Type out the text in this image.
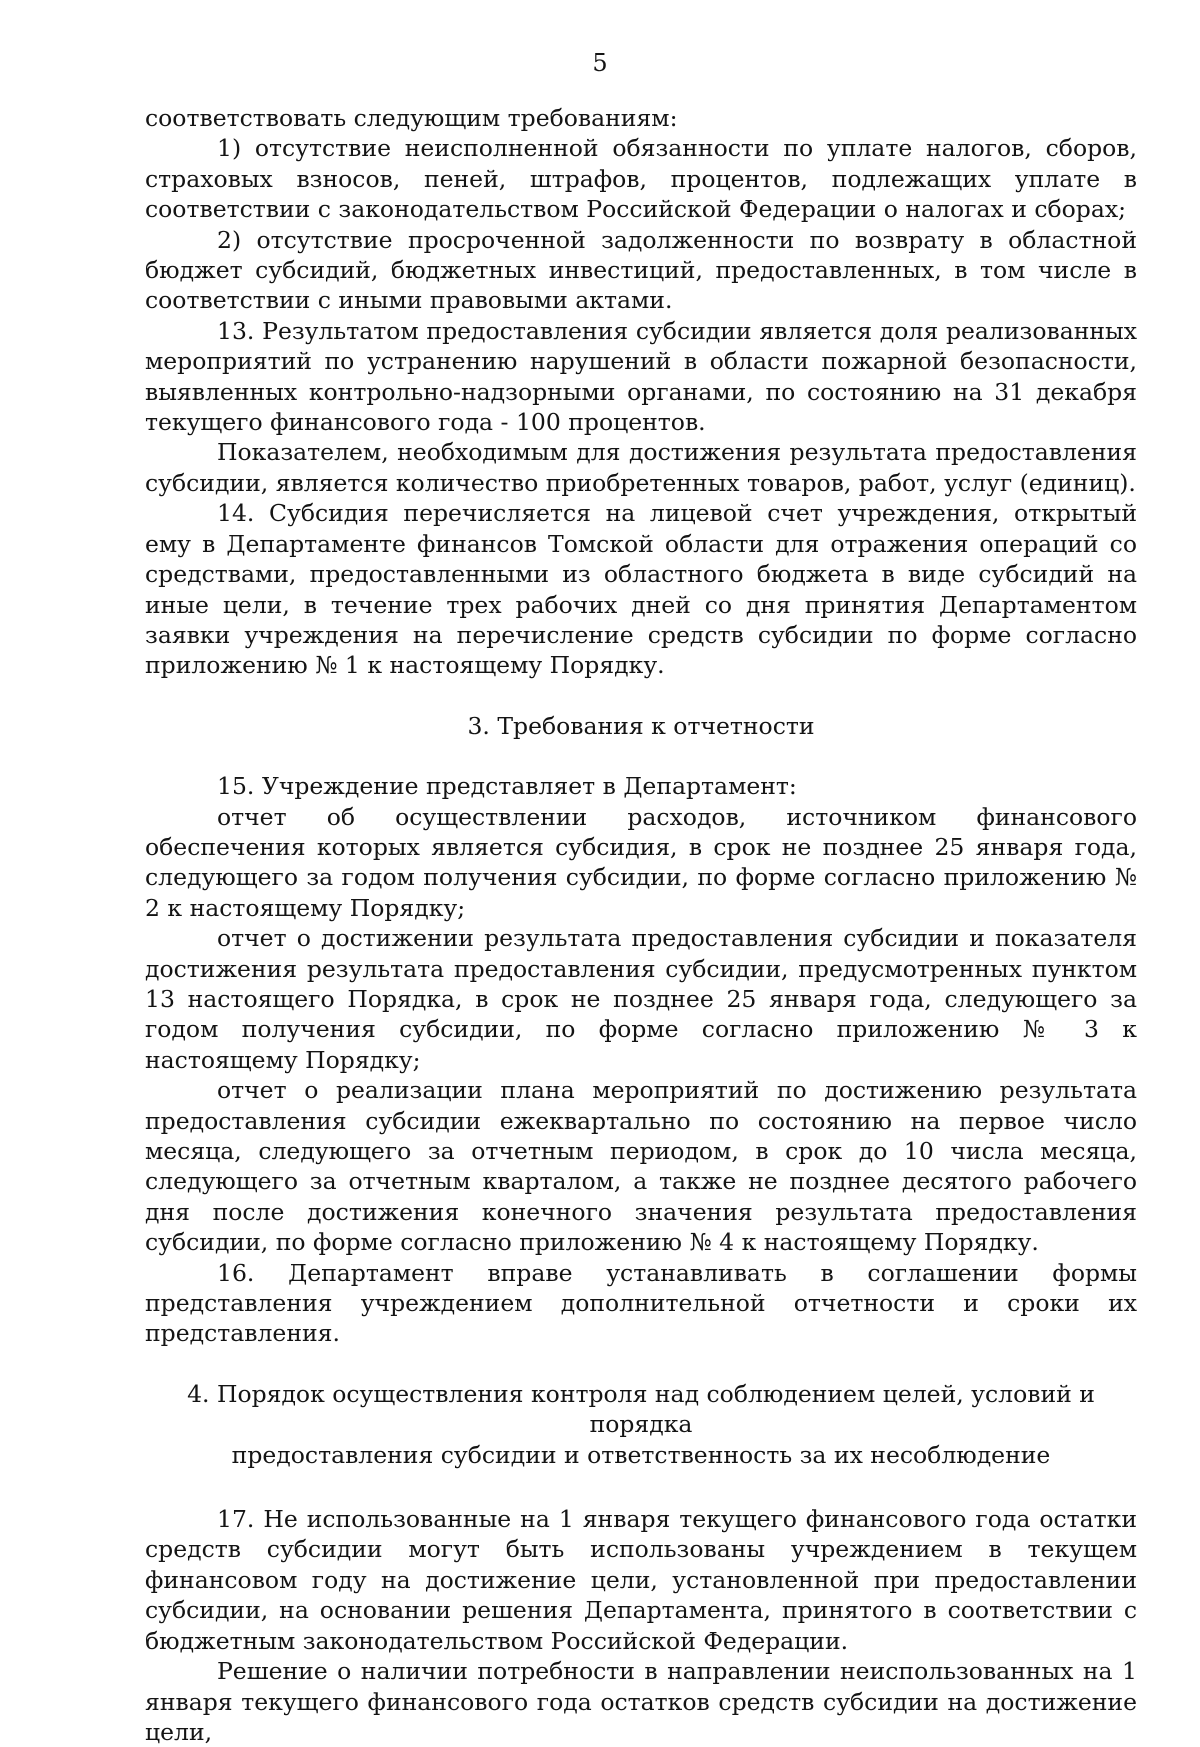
5

соответствовать следующим требованиям:

1) отсутствие неисполненной обязанности по уплате налогов, сборов, страховых взносов, пеней, штрафов, процентов, подлежащих уплате в соответствии с законодательством Российской Федерации о налогах и сборах;

2) отсутствие просроченной задолженности по возврату в областной бюджет субсидий, бюджетных инвестиций, предоставленных, в том числе в соответствии с иными правовыми актами.

13. Результатом предоставления субсидии является доля реализованных мероприятий по устранению нарушений в области пожарной безопасности, выявленных контрольно-надзорными органами, по состоянию на 31 декабря текущего финансового года - 100 процентов.

Показателем, необходимым для достижения результата предоставления субсидии, является количество приобретенных товаров, работ, услуг (единиц).

14. Субсидия перечисляется на лицевой счет учреждения, открытый ему в Департаменте финансов Томской области для отражения операций со средствами, предоставленными из областного бюджета в виде субсидий на иные цели, в течение трех рабочих дней со дня принятия Департаментом заявки учреждения на перечисление средств субсидии по форме согласно приложению № 1 к настоящему Порядку.

3. Требования к отчетности

15. Учреждение представляет в Департамент:

отчет об осуществлении расходов, источником финансового обеспечения которых является субсидия, в срок не позднее 25 января года, следующего за годом получения субсидии, по форме согласно приложению № 2 к настоящему Порядку;

отчет о достижении результата предоставления субсидии и показателя достижения результата предоставления субсидии, предусмотренных пунктом 13 настоящего Порядка, в срок не позднее 25 января года, следующего за годом получения субсидии, по форме согласно приложению № 3 к настоящему Порядку;

отчет о реализации плана мероприятий по достижению результата предоставления субсидии ежеквартально по состоянию на первое число месяца, следующего за отчетным периодом, в срок до 10 числа месяца, следующего за отчетным кварталом, а также не позднее десятого рабочего дня после достижения конечного значения результата предоставления субсидии, по форме согласно приложению № 4 к настоящему Порядку.

16. Департамент вправе устанавливать в соглашении формы представления учреждением дополнительной отчетности и сроки их представления.

4. Порядок осуществления контроля над соблюдением целей, условий и порядка
предоставления субсидии и ответственность за их несоблюдение

17. Не использованные на 1 января текущего финансового года остатки средств субсидии могут быть использованы учреждением в текущем финансовом году на достижение цели, установленной при предоставлении субсидии, на основании решения Департамента, принятого в соответствии с бюджетным законодательством Российской Федерации.

Решение о наличии потребности в направлении неиспользованных на 1 января текущего финансового года остатков средств субсидии на достижение цели,
